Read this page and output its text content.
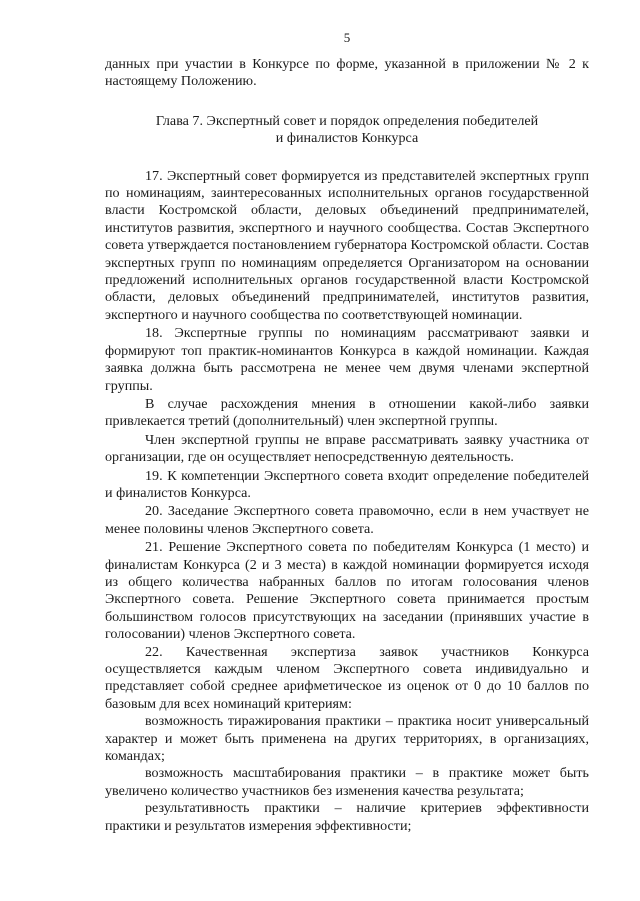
5

данных при участии в Конкурсе по форме, указанной в приложении № 2 к настоящему Положению.

Глава 7. Экспертный совет и порядок определения победителей
и финалистов Конкурса

17. Экспертный совет формируется из представителей экспертных групп по номинациям, заинтересованных исполнительных органов государственной власти Костромской области, деловых объединений предпринимателей, институтов развития, экспертного и научного сообщества. Состав Экспертного совета утверждается постановлением губернатора Костромской области. Состав экспертных групп по номинациям определяется Организатором на основании предложений исполнительных органов государственной власти Костромской области, деловых объединений предпринимателей, институтов развития, экспертного и научного сообщества по соответствующей номинации.

18. Экспертные группы по номинациям рассматривают заявки и формируют топ практик-номинантов Конкурса в каждой номинации. Каждая заявка должна быть рассмотрена не менее чем двумя членами экспертной группы.

В случае расхождения мнения в отношении какой-либо заявки привлекается третий (дополнительный) член экспертной группы.

Член экспертной группы не вправе рассматривать заявку участника от организации, где он осуществляет непосредственную деятельность.

19. К компетенции Экспертного совета входит определение победителей и финалистов Конкурса.

20. Заседание Экспертного совета правомочно, если в нем участвует не менее половины членов Экспертного совета.

21. Решение Экспертного совета по победителям Конкурса (1 место) и финалистам Конкурса (2 и 3 места) в каждой номинации формируется исходя из общего количества набранных баллов по итогам голосования членов Экспертного совета. Решение Экспертного совета принимается простым большинством голосов присутствующих на заседании (принявших участие в голосовании) членов Экспертного совета.

22. Качественная экспертиза заявок участников Конкурса осуществляется каждым членом Экспертного совета индивидуально и представляет собой среднее арифметическое из оценок от 0 до 10 баллов по базовым для всех номинаций критериям:

возможность тиражирования практики – практика носит универсальный характер и может быть применена на других территориях, в организациях, командах;

возможность масштабирования практики – в практике может быть увеличено количество участников без изменения качества результата;

результативность практики – наличие критериев эффективности практики и результатов измерения эффективности;
